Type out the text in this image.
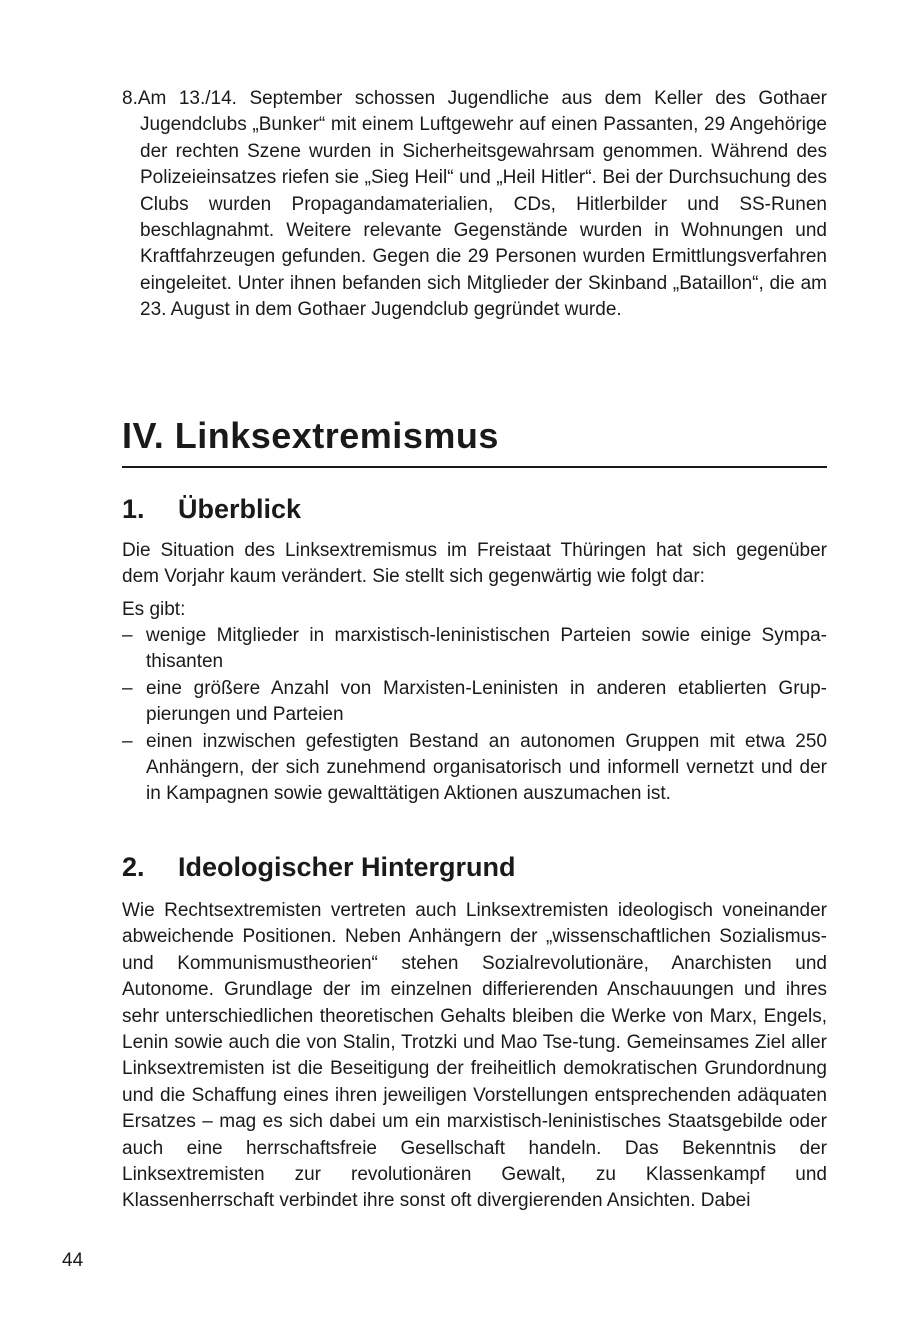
8.Am 13./14. September schossen Jugendliche aus dem Keller des Gothaer Jugendclubs „Bunker“ mit einem Luftgewehr auf einen Passanten, 29 Angehörige der rechten Szene wurden in Sicherheitsgewahrsam genommen. Während des Polizeieinsatzes riefen sie „Sieg Heil“ und „Heil Hitler“. Bei der Durchsuchung des Clubs wurden Propagandamaterialien, CDs, Hitlerbilder und SS-Runen beschlagnahmt. Weitere relevante Gegenstände wurden in Wohnungen und Kraftfahrzeugen gefunden. Gegen die 29 Personen wurden Ermittlungsverfahren eingeleitet. Unter ihnen befanden sich Mitglieder der Skinband „Bataillon“, die am 23. August in dem Gothaer Jugendclub gegründet wurde.

IV. Linksextremismus
1. Überblick

Die Situation des Linksextremismus im Freistaat Thüringen hat sich gegenüber dem Vorjahr kaum verändert. Sie stellt sich gegenwärtig wie folgt dar:

Es gibt:
– wenige Mitglieder in marxistisch-leninistischen Parteien sowie einige Sympathisanten
– eine größere Anzahl von Marxisten-Leninisten in anderen etablierten Gruppierungen und Parteien
– einen inzwischen gefestigten Bestand an autonomen Gruppen mit etwa 250 Anhängern, der sich zunehmend organisatorisch und informell vernetzt und der in Kampagnen sowie gewalttätigen Aktionen auszumachen ist.
2. Ideologischer Hintergrund

Wie Rechtsextremisten vertreten auch Linksextremisten ideologisch voneinander abweichende Positionen. Neben Anhängern der „wissenschaftlichen Sozialismus- und Kommunismustheorien“ stehen Sozialrevolutionäre, Anarchisten und Autonome. Grundlage der im einzelnen differierenden Anschauungen und ihres sehr unterschiedlichen theoretischen Gehalts bleiben die Werke von Marx, Engels, Lenin sowie auch die von Stalin, Trotzki und Mao Tse-tung. Gemeinsames Ziel aller Linksextremisten ist die Beseitigung der freiheitlich demokratischen Grundordnung und die Schaffung eines ihren jeweiligen Vorstellungen entsprechenden adäquaten Ersatzes – mag es sich dabei um ein marxistisch-leninistisches Staatsgebilde oder auch eine herrschaftsfreie Gesellschaft handeln. Das Bekenntnis der Linksextremisten zur revolutionären Gewalt, zu Klassenkampf und Klassenherrschaft verbindet ihre sonst oft divergierenden Ansichten. Dabei

44
